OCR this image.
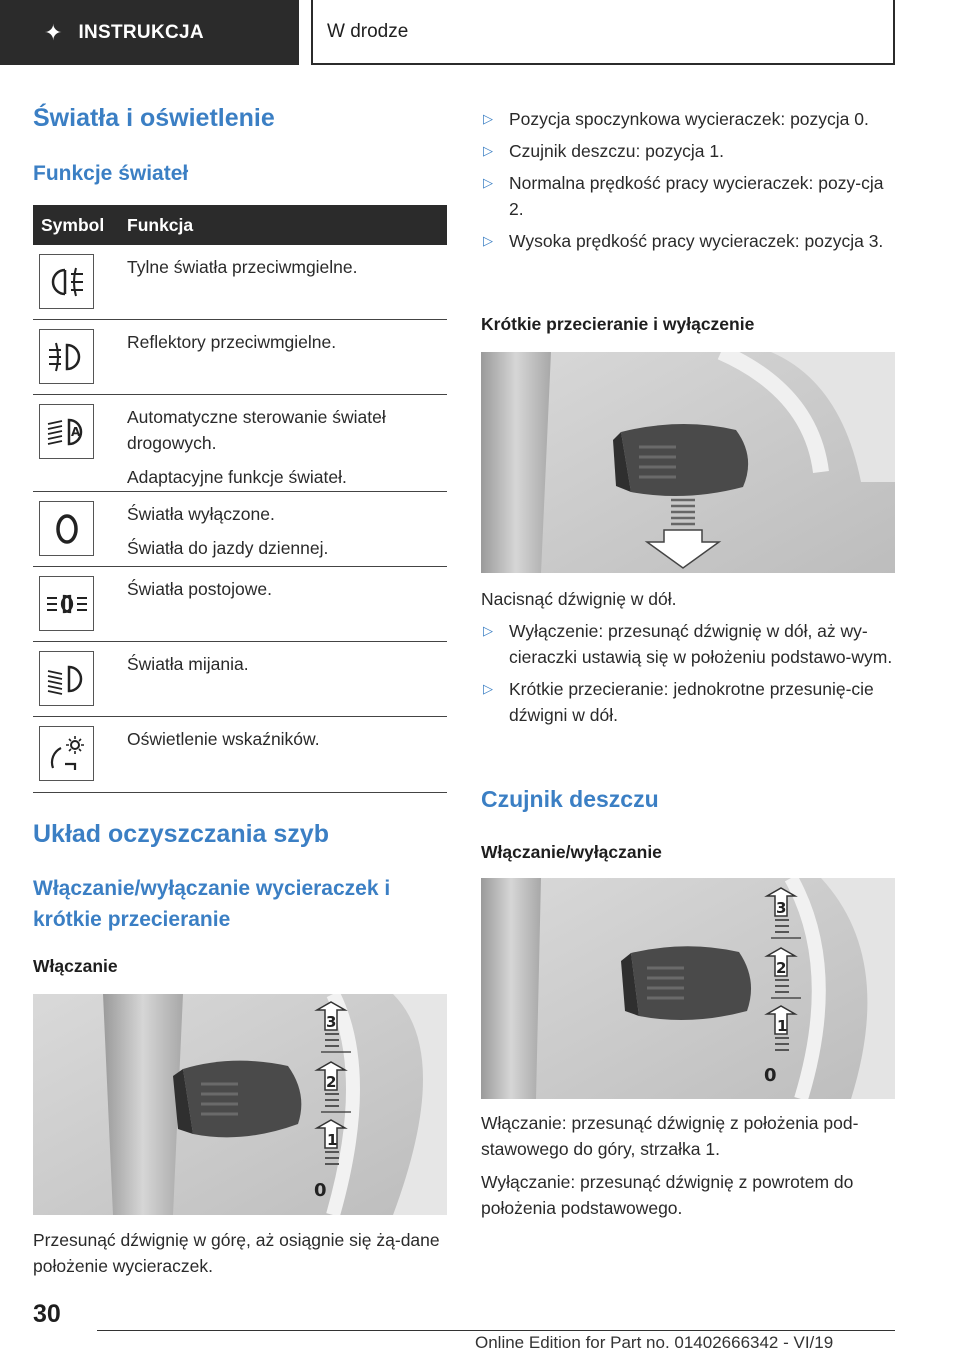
✦ INSTRUKCJA	W drodze
Światła i oświetlenie
Funkcje świateł
Symbol	Funkcja
Tylne światła przeciwmgielne.
Reflektory przeciwmgielne.
A
Automatyczne sterowanie świateł drogowych.
Adaptacyjne funkcje świateł.
Światła wyłączone.
Światła do jazdy dziennej.
Światła postojowe.
Światła mijania.
Oświetlenie wskaźników.
Układ oczyszczania szyb
Włączanie/wyłączanie wycieraczek i krótkie przecieranie
Włączanie
3
2
1
0
Przesunąć dźwignię w górę, aż osiągnie się żą-dane położenie wycieraczek.
▷ Pozycja spoczynkowa wycieraczek: pozycja 0.
▷ Czujnik deszczu: pozycja 1.
▷ Normalna prędkość pracy wycieraczek: pozy-cja 2.
▷ Wysoka prędkość pracy wycieraczek: pozycja 3.
Krótkie przecieranie i wyłączenie
Nacisnąć dźwignię w dół.
▷ Wyłączenie: przesunąć dźwignię w dół, aż wy-cieraczki ustawią się w położeniu podstawo-wym.
▷ Krótkie przecieranie: jednokrotne przesunię-cie dźwigni w dół.
Czujnik deszczu
Włączanie/wyłączanie
3
2
1
0
Włączanie: przesunąć dźwignię z położenia pod-stawowego do góry, strzałka 1.
Wyłączanie: przesunąć dźwignię z powrotem do położenia podstawowego.
30
Online Edition for Part no. 01402666342 - VI/19
